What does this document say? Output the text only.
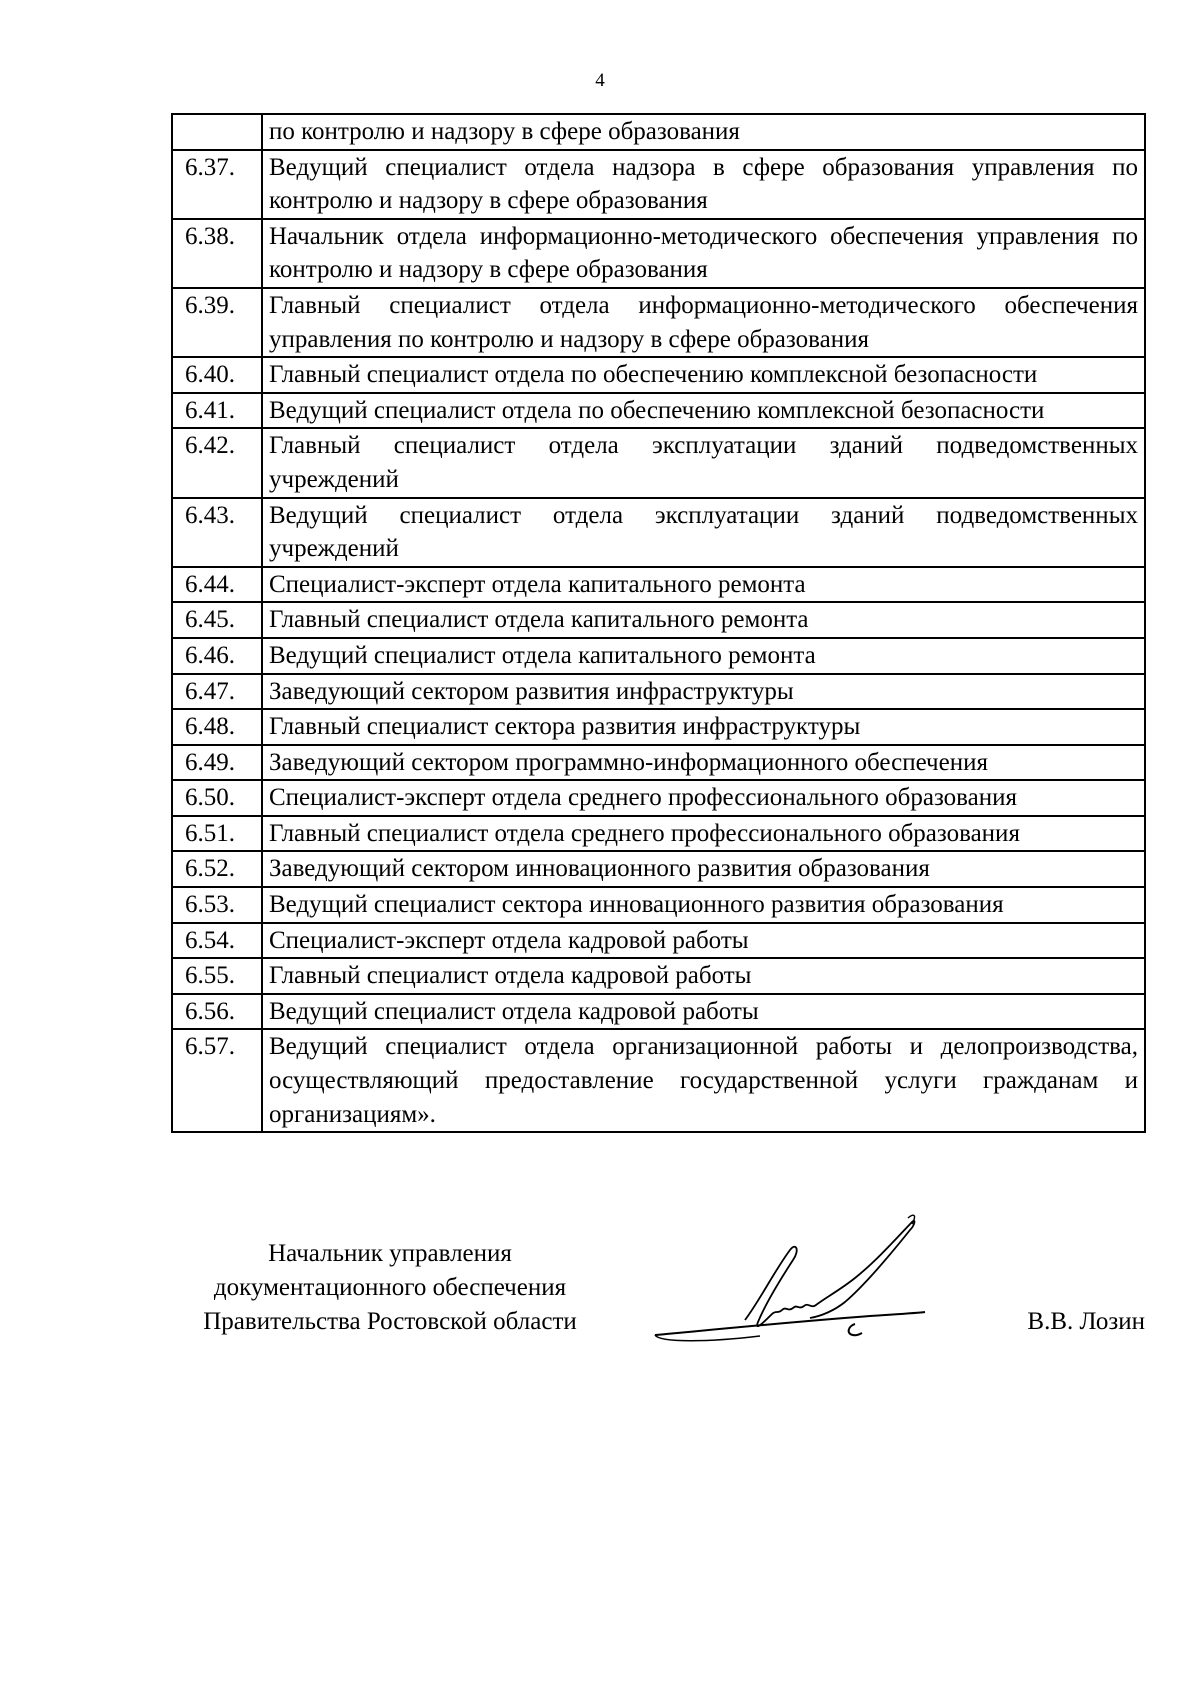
4
	по контролю и надзору в сфере образования
6.37.	Ведущий специалист отдела надзора в сфере образования управления по контролю и надзору в сфере образования
6.38.	Начальник отдела информационно-методического обеспечения управления по контролю и надзору в сфере образования
6.39.	Главный специалист отдела информационно-методического обеспечения управления по контролю и надзору в сфере образования
6.40.	Главный специалист отдела по обеспечению комплексной безопасности
6.41.	Ведущий специалист отдела по обеспечению комплексной безопасности
6.42.	Главный специалист отдела эксплуатации зданий подведомственных учреждений
6.43.	Ведущий специалист отдела эксплуатации зданий подведомственных учреждений
6.44.	Специалист-эксперт отдела капитального ремонта
6.45.	Главный специалист отдела капитального ремонта
6.46.	Ведущий специалист отдела капитального ремонта
6.47.	Заведующий сектором развития инфраструктуры
6.48.	Главный специалист сектора развития инфраструктуры
6.49.	Заведующий сектором программно-информационного обеспечения
6.50.	Специалист-эксперт отдела среднего профессионального образования
6.51.	Главный специалист отдела среднего профессионального образования
6.52.	Заведующий сектором инновационного развития образования
6.53.	Ведущий специалист сектора инновационного развития образования
6.54.	Специалист-эксперт отдела кадровой работы
6.55.	Главный специалист отдела кадровой работы
6.56.	Ведущий специалист отдела кадровой работы
6.57.	Ведущий специалист отдела организационной работы и делопроизводства, осуществляющий предоставление государственной услуги гражданам и организациям».
Начальник управления
документационного обеспечения
Правительства Ростовской области	В.В. Лозин
